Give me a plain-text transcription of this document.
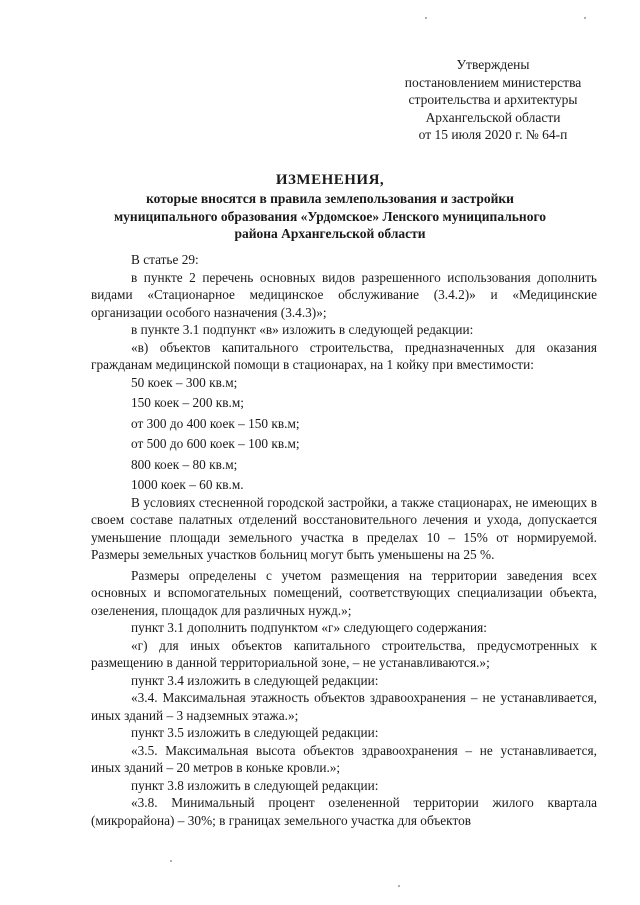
Утверждены
постановлением министерства
строительства и архитектуры
Архангельской области
от 15 июля 2020 г. № 64-п
ИЗМЕНЕНИЯ,
которые вносятся в правила землепользования и застройки
муниципального образования «Урдомское» Ленского муниципального
района Архангельской области
В статье 29:
в пункте 2 перечень основных видов разрешенного использования дополнить видами «Стационарное медицинское обслуживание (3.4.2)» и «Медицинские организации особого назначения (3.4.3)»;
в пункте 3.1 подпункт «в» изложить в следующей редакции:
«в) объектов капитального строительства, предназначенных для оказания гражданам медицинской помощи в стационарах, на 1 койку при вместимости:
50 коек – 300 кв.м;
150 коек – 200 кв.м;
от 300 до 400 коек – 150 кв.м;
от 500 до 600 коек – 100 кв.м;
800 коек – 80 кв.м;
1000 коек – 60 кв.м.
В условиях стесненной городской застройки, а также стационарах, не имеющих в своем составе палатных отделений восстановительного лечения и ухода, допускается уменьшение площади земельного участка в пределах 10 – 15% от нормируемой. Размеры земельных участков больниц могут быть уменьшены на 25 %.
Размеры определены с учетом размещения на территории заведения всех основных и вспомогательных помещений, соответствующих специализации объекта, озеленения, площадок для различных нужд.»;
пункт 3.1 дополнить подпунктом «г» следующего содержания:
«г) для иных объектов капитального строительства, предусмотренных к размещению в данной территориальной зоне, – не устанавливаются.»;
пункт 3.4 изложить в следующей редакции:
«3.4. Максимальная этажность объектов здравоохранения – не устанавливается, иных зданий – 3 надземных этажа.»;
пункт 3.5 изложить в следующей редакции:
«3.5. Максимальная высота объектов здравоохранения – не устанавливается, иных зданий – 20 метров в коньке кровли.»;
пункт 3.8 изложить в следующей редакции:
«3.8. Минимальный процент озелененной территории жилого квартала (микрорайона) – 30%; в границах земельного участка для объектов
